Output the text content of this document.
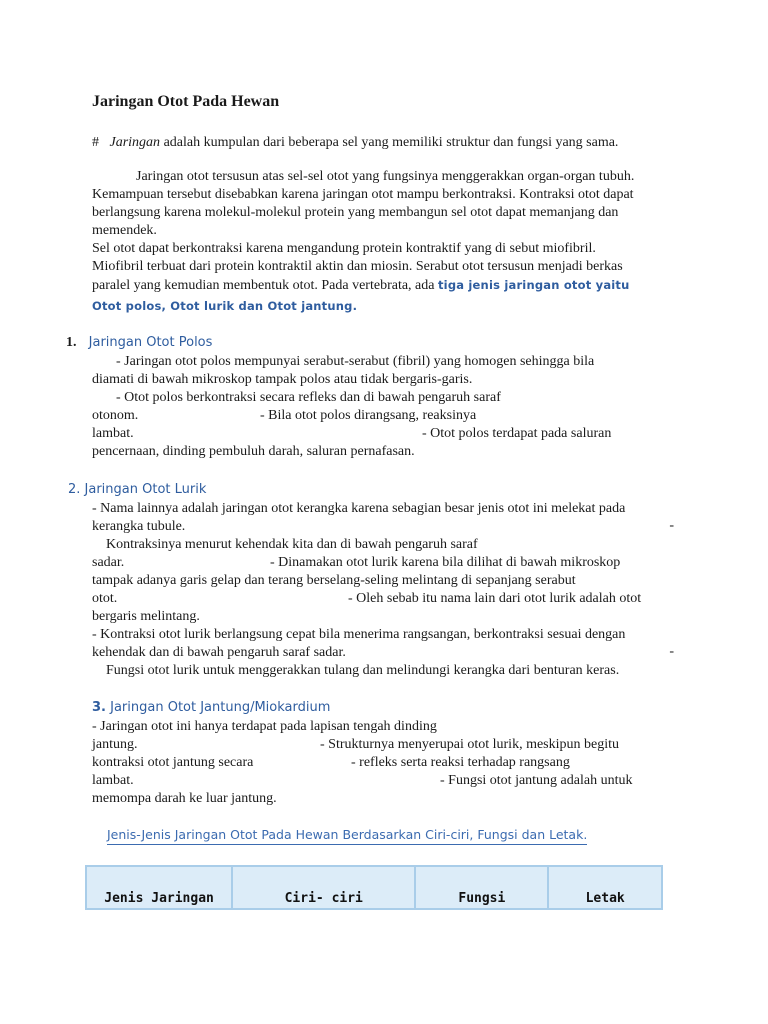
Jaringan Otot Pada Hewan
# Jaringan adalah kumpulan dari beberapa sel yang memiliki struktur dan fungsi yang sama.
Jaringan otot tersusun atas sel-sel otot yang fungsinya menggerakkan organ-organ tubuh.
Kemampuan tersebut disebabkan karena jaringan otot mampu berkontraksi. Kontraksi otot dapat
berlangsung karena molekul-molekul protein yang membangun sel otot dapat memanjang dan
memendek.
Sel otot dapat berkontraksi karena mengandung protein kontraktif yang di sebut miofibril.
Miofibril terbuat dari protein kontraktil aktin dan miosin. Serabut otot tersusun menjadi berkas
paralel yang kemudian membentuk otot. Pada vertebrata, ada tiga jenis jaringan otot yaitu
Otot polos, Otot lurik dan Otot jantung.
1. Jaringan Otot Polos
- Jaringan otot polos mempunyai serabut-serabut (fibril) yang homogen sehingga bila
diamati di bawah mikroskop tampak polos atau tidak bergaris-garis.
- Otot polos berkontraksi secara refleks dan di bawah pengaruh saraf
otonom.	- Bila otot polos dirangsang, reaksinya
lambat.	- Otot polos terdapat pada saluran
pencernaan, dinding pembuluh darah, saluran pernafasan.
2. Jaringan Otot Lurik
- Nama lainnya adalah jaringan otot kerangka karena sebagian besar jenis otot ini melekat pada
kerangka tubule.	-
Kontraksinya menurut kehendak kita dan di bawah pengaruh saraf
sadar.	- Dinamakan otot lurik karena bila dilihat di bawah mikroskop
tampak adanya garis gelap dan terang berselang-seling melintang di sepanjang serabut
otot.	- Oleh sebab itu nama lain dari otot lurik adalah otot
bergaris melintang.
- Kontraksi otot lurik berlangsung cepat bila menerima rangsangan, berkontraksi sesuai dengan
kehendak dan di bawah pengaruh saraf sadar.	-
Fungsi otot lurik untuk menggerakkan tulang dan melindungi kerangka dari benturan keras.
3. Jaringan Otot Jantung/Miokardium
- Jaringan otot ini hanya terdapat pada lapisan tengah dinding
jantung.	- Strukturnya menyerupai otot lurik, meskipun begitu
kontraksi otot jantung secara	- refleks serta reaksi terhadap rangsang
lambat.	- Fungsi otot jantung adalah untuk
memompa darah ke luar jantung.
Jenis-Jenis Jaringan Otot Pada Hewan Berdasarkan Ciri-ciri, Fungsi dan Letak.
Jenis Jaringan	Ciri- ciri	Fungsi	Letak
